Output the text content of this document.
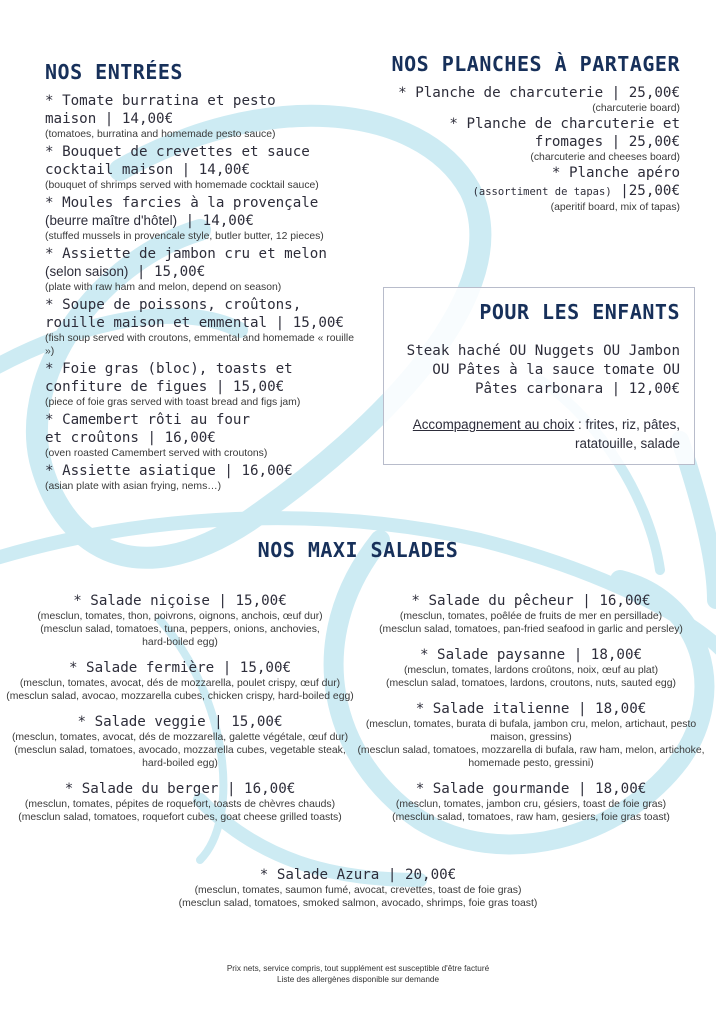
NOS ENTRÉES
* Tomate burratina et pesto
maison | 14,00€
(tomatoes, burratina and homemade pesto sauce)
* Bouquet de crevettes et sauce
cocktail maison | 14,00€
(bouquet of shrimps served with homemade cocktail sauce)
* Moules farcies à la provençale
(beurre maître d'hôtel) | 14,00€
(stuffed mussels in provencale style, butler butter, 12 pieces)
* Assiette de jambon cru et melon
(selon saison) | 15,00€
(plate with raw ham and melon, depend on season)
* Soupe de poissons, croûtons,
rouille maison et emmental | 15,00€
(fish soup served with croutons, emmental and homemade « rouille »)
* Foie gras (bloc), toasts et
confiture de figues | 15,00€
(piece of foie gras served with toast bread and figs jam)
* Camembert rôti au four
et croûtons | 16,00€
(oven roasted Camembert served with croutons)
* Assiette asiatique | 16,00€
(asian plate with asian frying, nems…)
NOS PLANCHES À PARTAGER
* Planche de charcuterie | 25,00€
(charcuterie board)
* Planche de charcuterie et
fromages | 25,00€
(charcuterie and cheeses board)
* Planche apéro
(assortiment de tapas) |25,00€
(aperitif board, mix of tapas)
POUR LES ENFANTS
Steak haché OU Nuggets OU Jambon
OU Pâtes à la sauce tomate OU
Pâtes carbonara | 12,00€
Accompagnement au choix : frites, riz, pâtes,
ratatouille, salade
NOS MAXI SALADES
* Salade niçoise | 15,00€
(mesclun, tomates, thon, poivrons, oignons, anchois, œuf dur)
(mesclun salad, tomatoes, tuna, peppers, onions, anchovies,
hard-boiled egg)
* Salade fermière | 15,00€
(mesclun, tomates, avocat, dés de mozzarella, poulet crispy, œuf dur)
(mesclun salad, avocao, mozzarella cubes, chicken crispy, hard-boiled egg)
* Salade veggie | 15,00€
(mesclun, tomates, avocat, dés de mozzarella, galette végétale, œuf dur)
(mesclun salad, tomatoes, avocado, mozzarella cubes, vegetable steak,
hard-boiled egg)
* Salade du berger | 16,00€
(mesclun, tomates, pépites de roquefort, toasts de chèvres chauds)
(mesclun salad, tomatoes, roquefort cubes, goat cheese grilled toasts)
* Salade du pêcheur | 16,00€
(mesclun, tomates, poêlée de fruits de mer en persillade)
(mesclun salad, tomatoes, pan-fried seafood in garlic and persley)
* Salade paysanne | 18,00€
(mesclun, tomates, lardons croûtons, noix, œuf au plat)
(mesclun salad, tomatoes, lardons, croutons, nuts, sauted egg)
* Salade italienne | 18,00€
(mesclun, tomates, burata di bufala, jambon cru, melon, artichaut, pesto
maison, gressins)
(mesclun salad, tomatoes, mozzarella di bufala, raw ham, melon, artichoke,
homemade pesto, gressini)
* Salade gourmande | 18,00€
(mesclun, tomates, jambon cru, gésiers, toast de foie gras)
(mesclun salad, tomatoes, raw ham, gesiers, foie gras toast)
* Salade Azura | 20,00€
(mesclun, tomates, saumon fumé, avocat, crevettes, toast de foie gras)
(mesclun salad, tomatoes, smoked salmon, avocado, shrimps, foie gras toast)
Prix nets, service compris, tout supplément est susceptible d'être facturé
Liste des allergènes disponible sur demande
